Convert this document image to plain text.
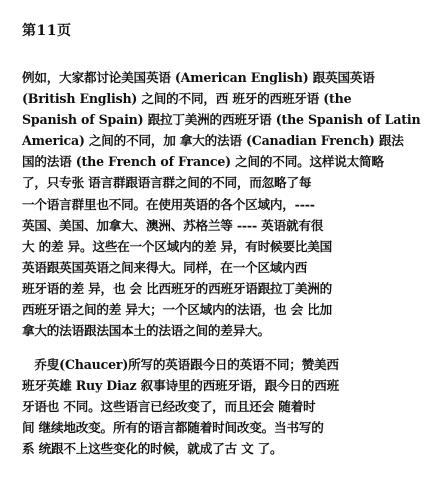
第11页
例如，大家都讨论美国英语 (American English) 跟英国英语
(British English) 之间的不同，西 班牙的西班牙语 (the
Spanish of Spain) 跟拉丁美洲的西班牙语 (the Spanish of Latin
America) 之间的不同，加 拿大的法语 (Canadian French) 跟法
国的法语 (the French of France) 之间的不同。这样说太简略
了，只专张 语言群跟语言群之间的不同，而忽略了每
一个语言群里也不同。在使用英语的各个区域内，----
英国、美国、加拿大、澳洲、苏格兰等 ---- 英语就有很
大 的差 异。这些在一个区域内的差 异，有时候要比美国
英语跟英国英语之间来得大。同样，在一个区域内西
班牙语的差 异，也 会 比西班牙的西班牙语跟拉丁美洲的
西班牙语之间的差 异大；一个区域内的法语，也 会 比加
拿大的法语跟法国本土的法语之间的差异大。
　乔叟(Chaucer)所写的英语跟今日的英语不同；赞美西
班牙英雄 Ruy Diaz 叙事诗里的西班牙语，跟今日的西班
牙语也 不同。这些语言已经改变了，而且还会 随着时
间 继续地改变。所有的语言都随着时间改变。当书写的
系 统跟不上这些变化的时候，就成了古 文 了。
